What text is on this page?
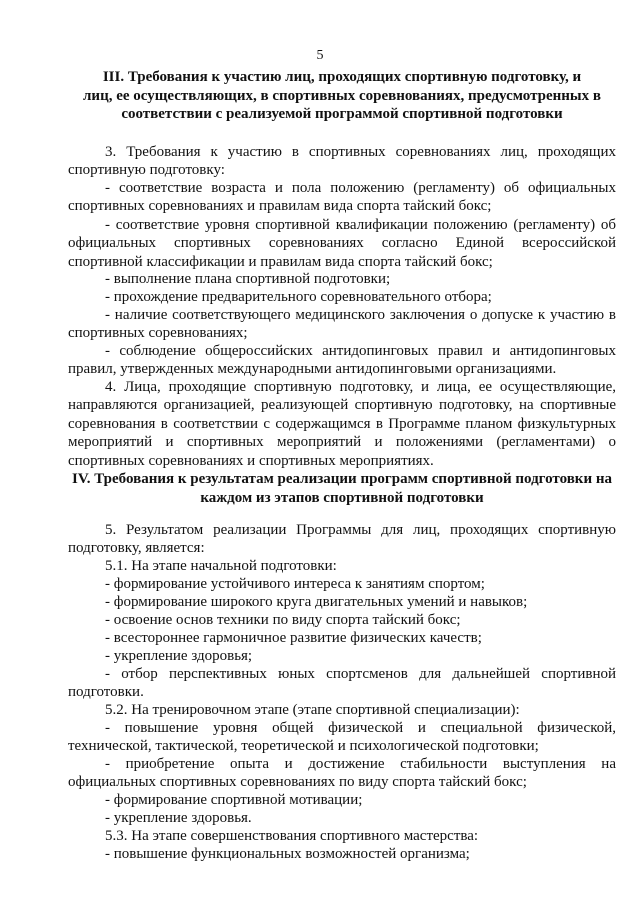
5
III. Требования к участию лиц, проходящих спортивную подготовку, и
лиц, ее осуществляющих, в спортивных соревнованиях, предусмотренных в
соответствии с реализуемой программой спортивной подготовки
3. Требования к участию в спортивных соревнованиях лиц, проходящих спортивную подготовку:
- соответствие возраста и пола положению (регламенту) об официальных спортивных соревнованиях и правилам вида спорта тайский бокс;
- соответствие уровня спортивной квалификации положению (регламенту) об официальных спортивных соревнованиях согласно Единой всероссийской спортивной классификации и правилам вида спорта тайский бокс;
- выполнение плана спортивной подготовки;
- прохождение предварительного соревновательного отбора;
- наличие соответствующего медицинского заключения о допуске к участию в спортивных соревнованиях;
- соблюдение общероссийских антидопинговых правил и антидопинговых правил, утвержденных международными антидопинговыми организациями.
4. Лица, проходящие спортивную подготовку, и лица, ее осуществляющие, направляются организацией, реализующей спортивную подготовку, на спортивные соревнования в соответствии с содержащимся в Программе планом физкультурных мероприятий и спортивных мероприятий и положениями (регламентами) о спортивных соревнованиях и спортивных мероприятиях.
IV. Требования к результатам реализации программ спортивной подготовки на
каждом из этапов спортивной подготовки
5. Результатом реализации Программы для лиц, проходящих спортивную подготовку, является:
5.1. На этапе начальной подготовки:
- формирование устойчивого интереса к занятиям спортом;
- формирование широкого круга двигательных умений и навыков;
- освоение основ техники по виду спорта тайский бокс;
- всестороннее гармоничное развитие физических качеств;
- укрепление здоровья;
- отбор перспективных юных спортсменов для дальнейшей спортивной подготовки.
5.2. На тренировочном этапе (этапе спортивной специализации):
- повышение уровня общей физической и специальной физической, технической, тактической, теоретической и психологической подготовки;
- приобретение опыта и достижение стабильности выступления на официальных спортивных соревнованиях по виду спорта тайский бокс;
- формирование спортивной мотивации;
- укрепление здоровья.
5.3. На этапе совершенствования спортивного мастерства:
- повышение функциональных возможностей организма;
